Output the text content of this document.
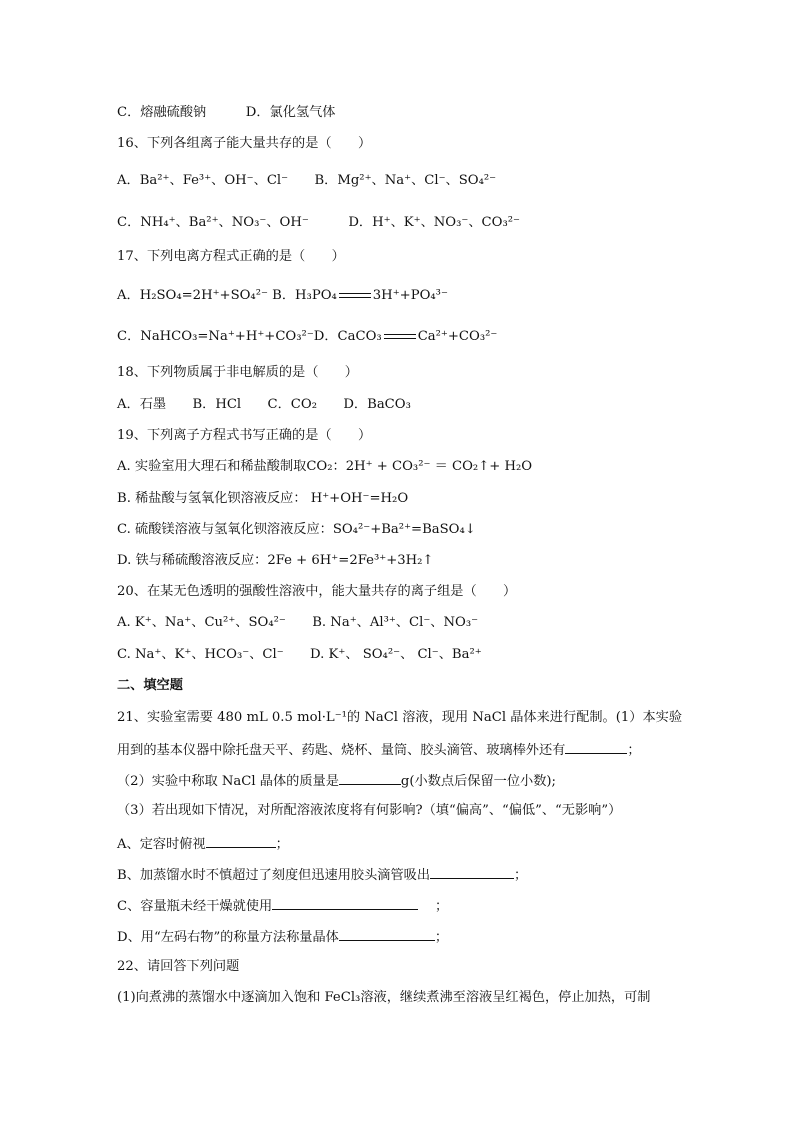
C．熔融硫酸钠　　　D．氯化氢气体
16、下列各组离子能大量共存的是（　　）
A．Ba²⁺、Fe³⁺、OH⁻、Cl⁻　　B．Mg²⁺、Na⁺、Cl⁻、SO₄²⁻
C．NH₄⁺、Ba²⁺、NO₃⁻、OH⁻　　　D．H⁺、K⁺、NO₃⁻、CO₃²⁻
17、下列电离方程式正确的是（　　）
A．H₂SO₄=2H⁺+SO₄²⁻ B．H₃PO₄	3H⁺+PO₄³⁻
C．NaHCO₃=Na⁺+H⁺+CO₃²⁻D．CaCO₃	Ca²⁺+CO₃²⁻
18、下列物质属于非电解质的是（　　）
A．石墨　　B．HCl　　C．CO₂　　D．BaCO₃
19、下列离子方程式书写正确的是（　　）
A. 实验室用大理石和稀盐酸制取CO₂：2H⁺ + CO₃²⁻ ＝ CO₂↑+ H₂O
B. 稀盐酸与氢氧化钡溶液反应： H⁺+OH⁻=H₂O
C. 硫酸镁溶液与氢氧化钡溶液反应：SO₄²⁻+Ba²⁺=BaSO₄↓
D. 铁与稀硫酸溶液反应：2Fe + 6H⁺=2Fe³⁺+3H₂↑
20、在某无色透明的强酸性溶液中，能大量共存的离子组是（　　）
A. K⁺、Na⁺、Cu²⁺、SO₄²⁻　　B. Na⁺、Al³⁺、Cl⁻、NO₃⁻
C. Na⁺、K⁺、HCO₃⁻、Cl⁻　　D. K⁺、 SO₄²⁻、 Cl⁻、Ba²⁺
二、填空题
21、实验室需要 480 mL 0.5 mol·L⁻¹的 NaCl 溶液，现用 NaCl 晶体来进行配制。(1）本实验
用到的基本仪器中除托盘天平、药匙、烧杯、量筒、胶头滴管、玻璃棒外还有	；
（2）实验中称取 NaCl 晶体的质量是	g(小数点后保留一位小数);
（3）若出现如下情况，对所配溶液浓度将有何影响?（填“偏高”、“偏低”、“无影响”）
A、定容时俯视	；
B、加蒸馏水时不慎超过了刻度但迅速用胶头滴管吸出	；
C、容量瓶未经干燥就使用	；
D、用“左码右物”的称量方法称量晶体	；
22、请回答下列问题
(1)向煮沸的蒸馏水中逐滴加入饱和 FeCl₃溶液，继续煮沸至溶液呈红褐色，停止加热，可制
